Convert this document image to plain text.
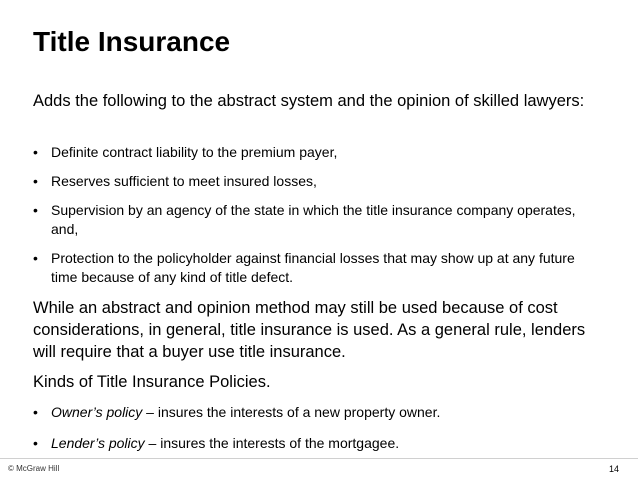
Title Insurance

Adds the following to the abstract system and the opinion of skilled lawyers:

• Definite contract liability to the premium payer,
• Reserves sufficient to meet insured losses,
• Supervision by an agency of the state in which the title insurance company operates, and,
• Protection to the policyholder against financial losses that may show up at any future time because of any kind of title defect.

While an abstract and opinion method may still be used because of cost considerations, in general, title insurance is used. As a general rule, lenders will require that a buyer use title insurance.

Kinds of Title Insurance Policies.

• Owner’s policy – insures the interests of a new property owner.
• Lender’s policy – insures the interests of the mortgagee.
© McGraw Hill	14
